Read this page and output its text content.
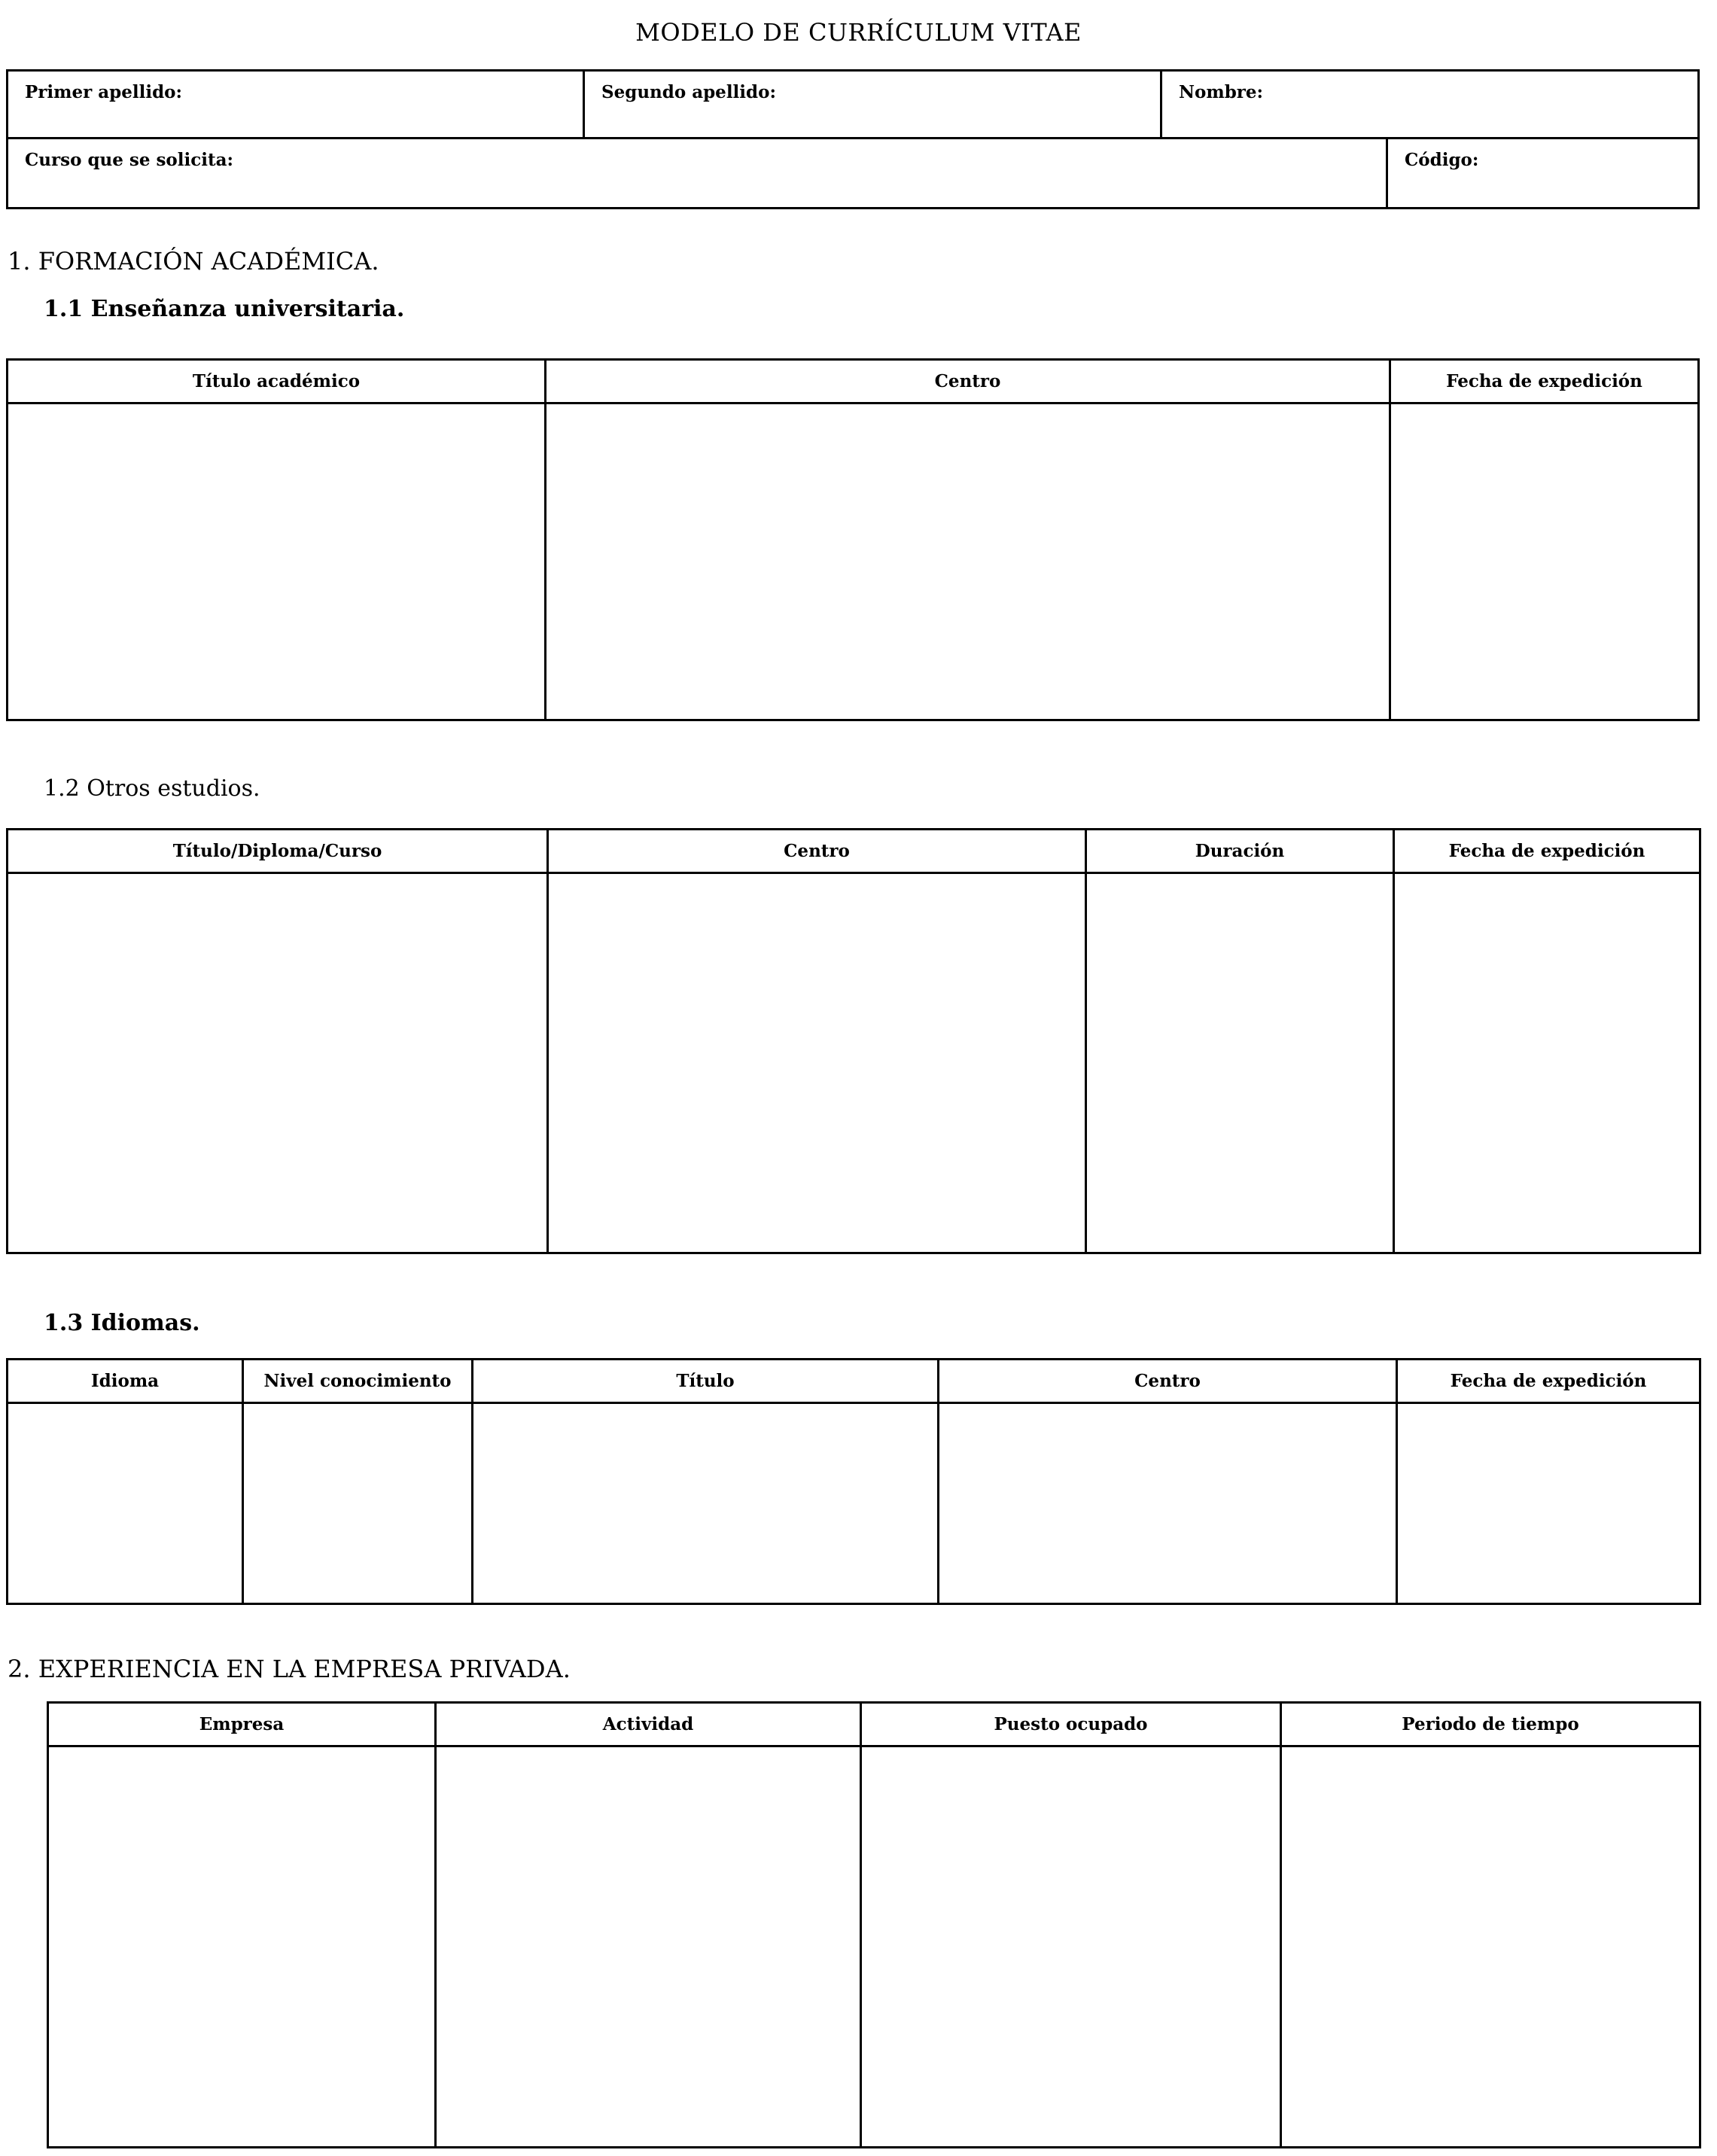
MODELO DE CURRÍCULUM VITAE
Primer apellido:	Segundo apellido:	Nombre:
Curso que se solicita:	Código:
1. FORMACIÓN ACADÉMICA.
1.1 Enseñanza universitaria.
Título académico	Centro	Fecha de expedición
1.2 Otros estudios.
Título/Diploma/Curso	Centro	Duración	Fecha de expedición
1.3 Idiomas.
Idioma	Nivel conocimiento	Título	Centro	Fecha de expedición
2. EXPERIENCIA EN LA EMPRESA PRIVADA.
Empresa	Actividad	Puesto ocupado	Periodo de tiempo
